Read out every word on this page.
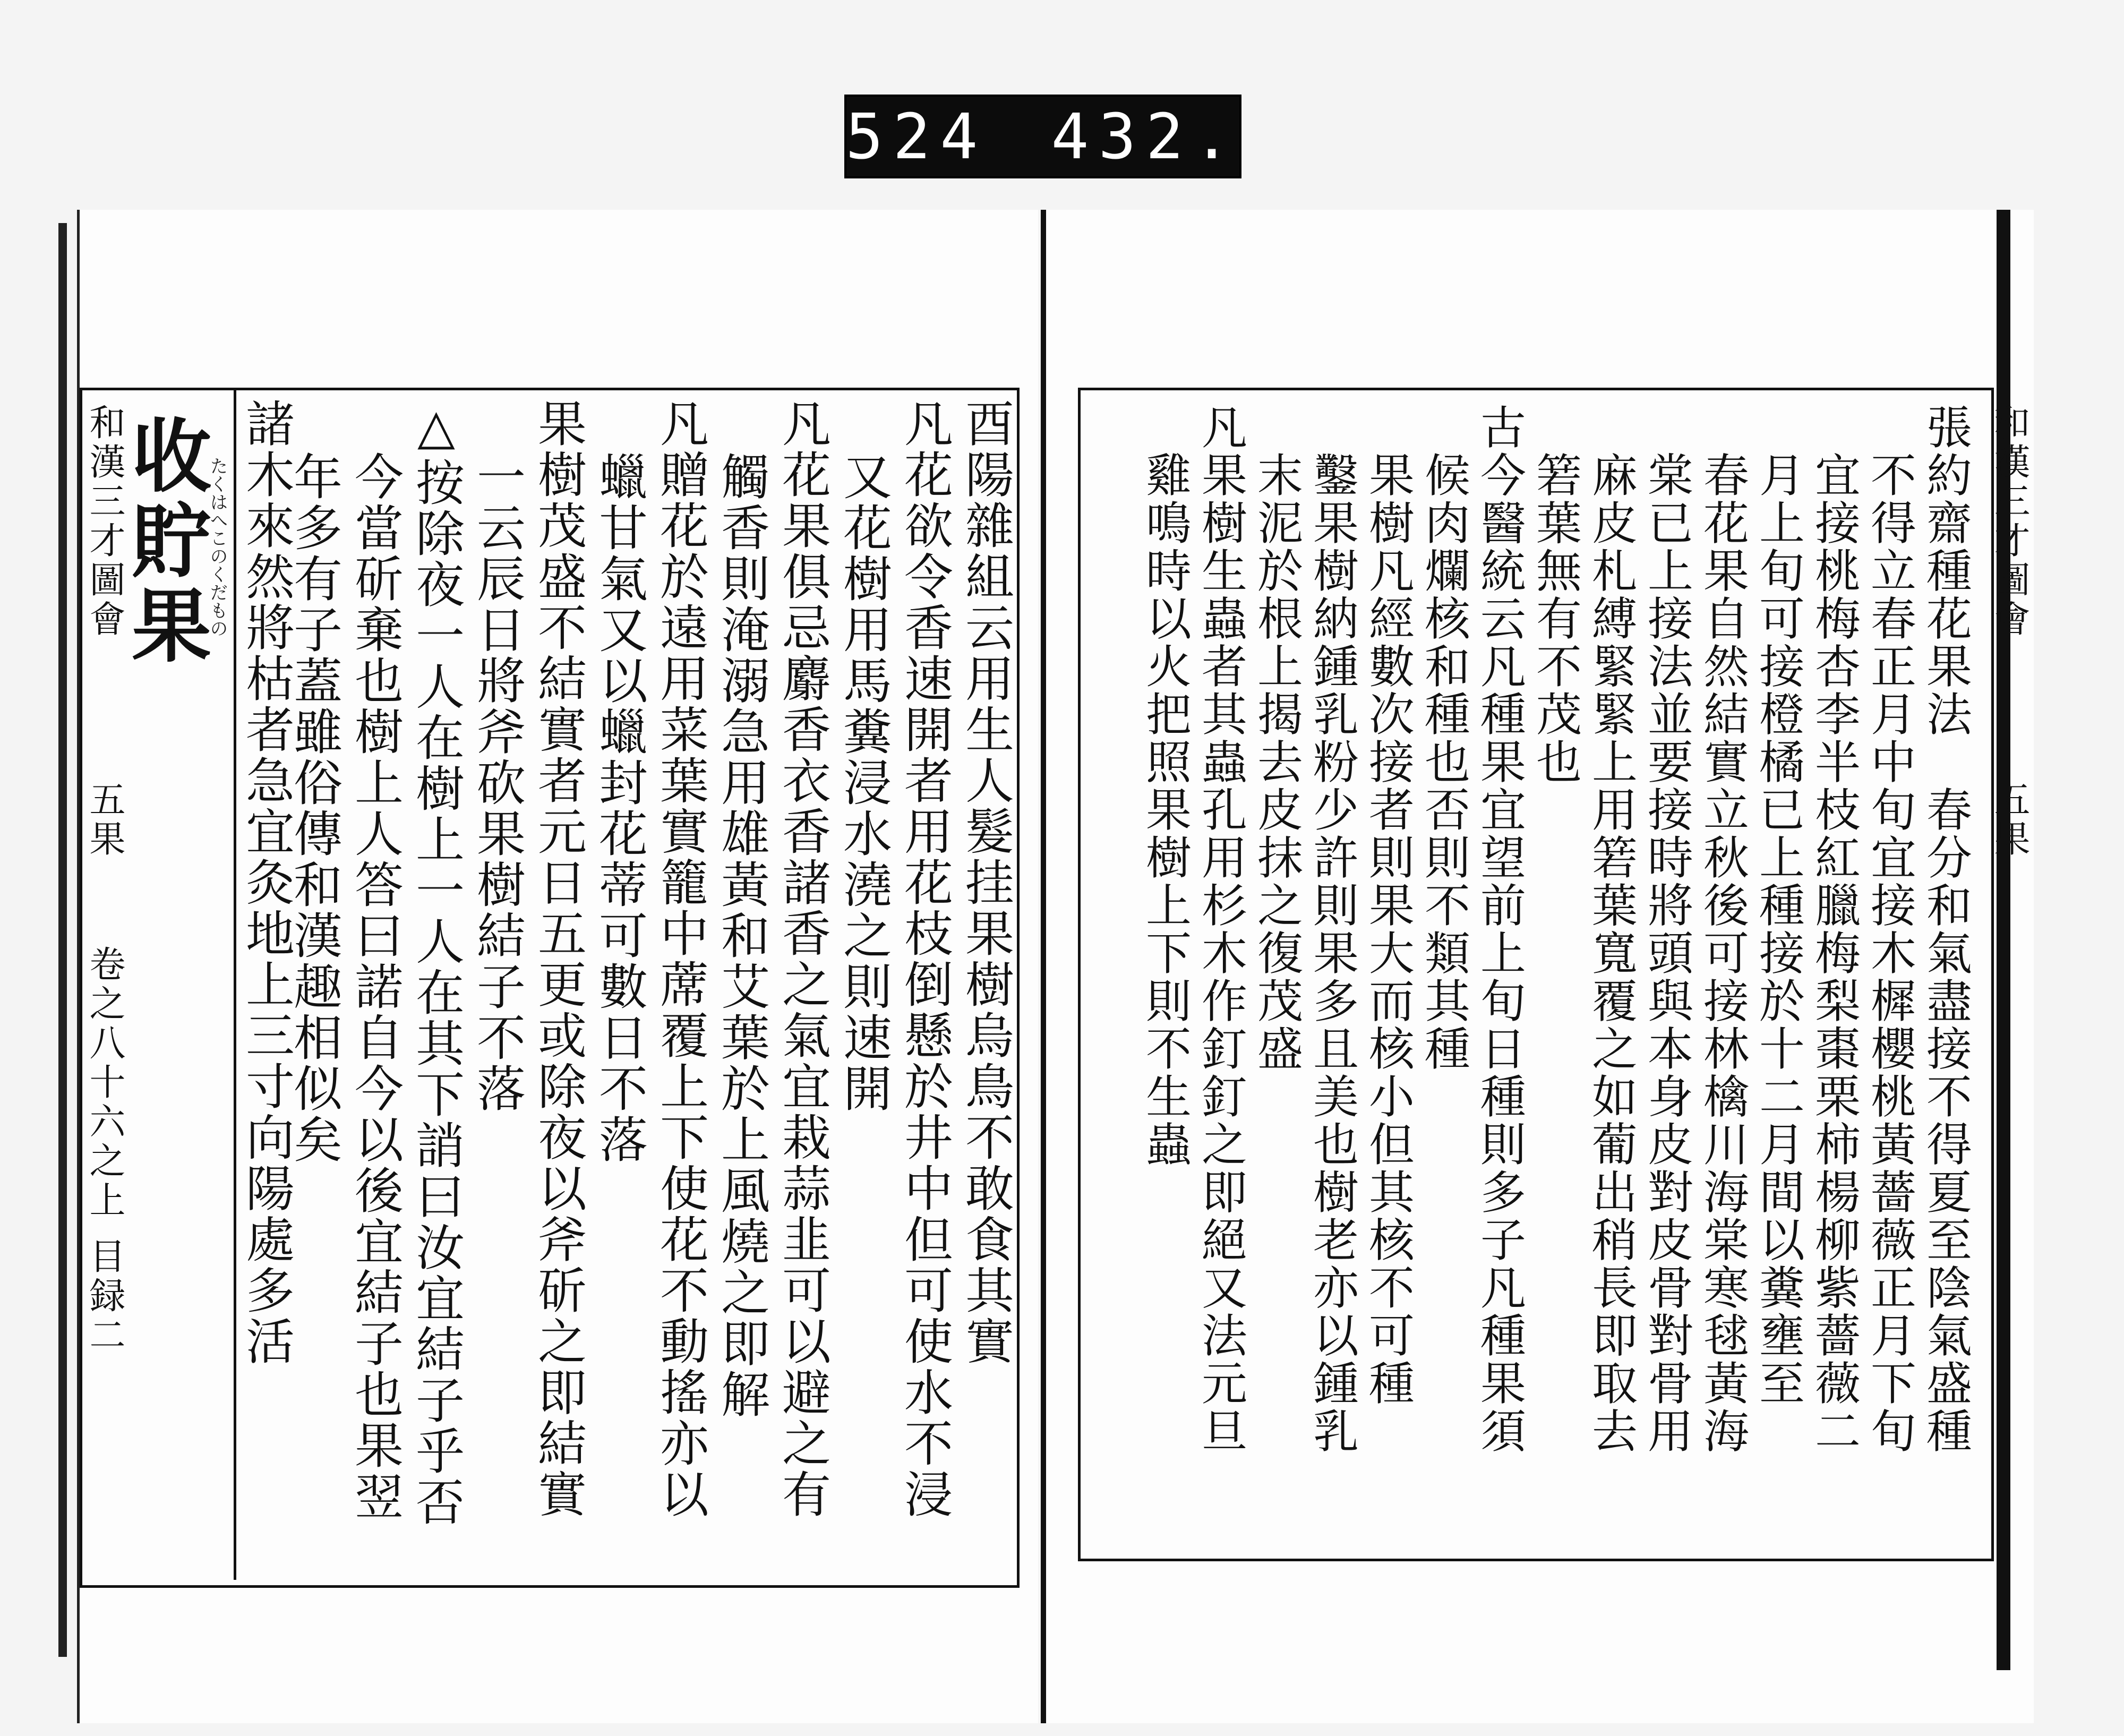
524 432.
和漢三才圖會
五果
卷之八十六之上
目録二
和漢三才圖會
五果
收貯果
たくはへこのくだもの	酉陽雜組云用生人髮挂果樹烏鳥不敢食其實
凡花欲令香速開者用花枝倒懸於井中但可使水不浸
又花樹用馬糞浸水澆之則速開
凡花果俱忌麝香衣香諸香之氣宜栽蒜韭可以避之有
觸香則淹溺急用雄黃和艾葉於上風燒之即解
凡贈花於遠用菜葉實籠中蓆覆上下使花不動搖亦以
蠟甘氣又以蠟封花蒂可數日不落
果樹茂盛不結實者元日五更或除夜以斧斫之即結實
一云辰日將斧砍果樹結子不落
△按除夜一人在樹上一人在其下誚曰汝宜結子乎否
今當斫棄也樹上人答曰諾自今以後宜結子也果翌
年多有子蓋雖俗傳和漢趣相似矣
諸木來然將枯者急宜灸地上三寸向陽處多活	張約齋種花果法　春分和氣盡接不得夏至陰氣盛種
不得立春正月中旬宜接木樨櫻桃黃薔薇正月下旬
宜接桃梅杏李半枝紅臘梅梨棗栗柿楊柳紫薔薇二
月上旬可接橙橘已上種接於十二月間以糞壅至
春花果自然結實立秋後可接林檎川海棠寒毬黃海
棠已上接法並要接時將頭與本身皮對皮骨對骨用
麻皮札縛緊緊上用箬葉寬覆之如葡出稍長即取去
箬葉無有不茂也
古今醫統云凡種果宜望前上旬日種則多子凡種果須
候肉爛核和種也否則不類其種
果樹凡經數次接者則果大而核小但其核不可種
鑿果樹納鍾乳粉少許則果多且美也樹老亦以鍾乳
末泥於根上揭去皮抹之復茂盛
凡果樹生蟲者其蟲孔用杉木作釘釘之即絕又法元旦
雞鳴時以火把照果樹上下則不生蟲
